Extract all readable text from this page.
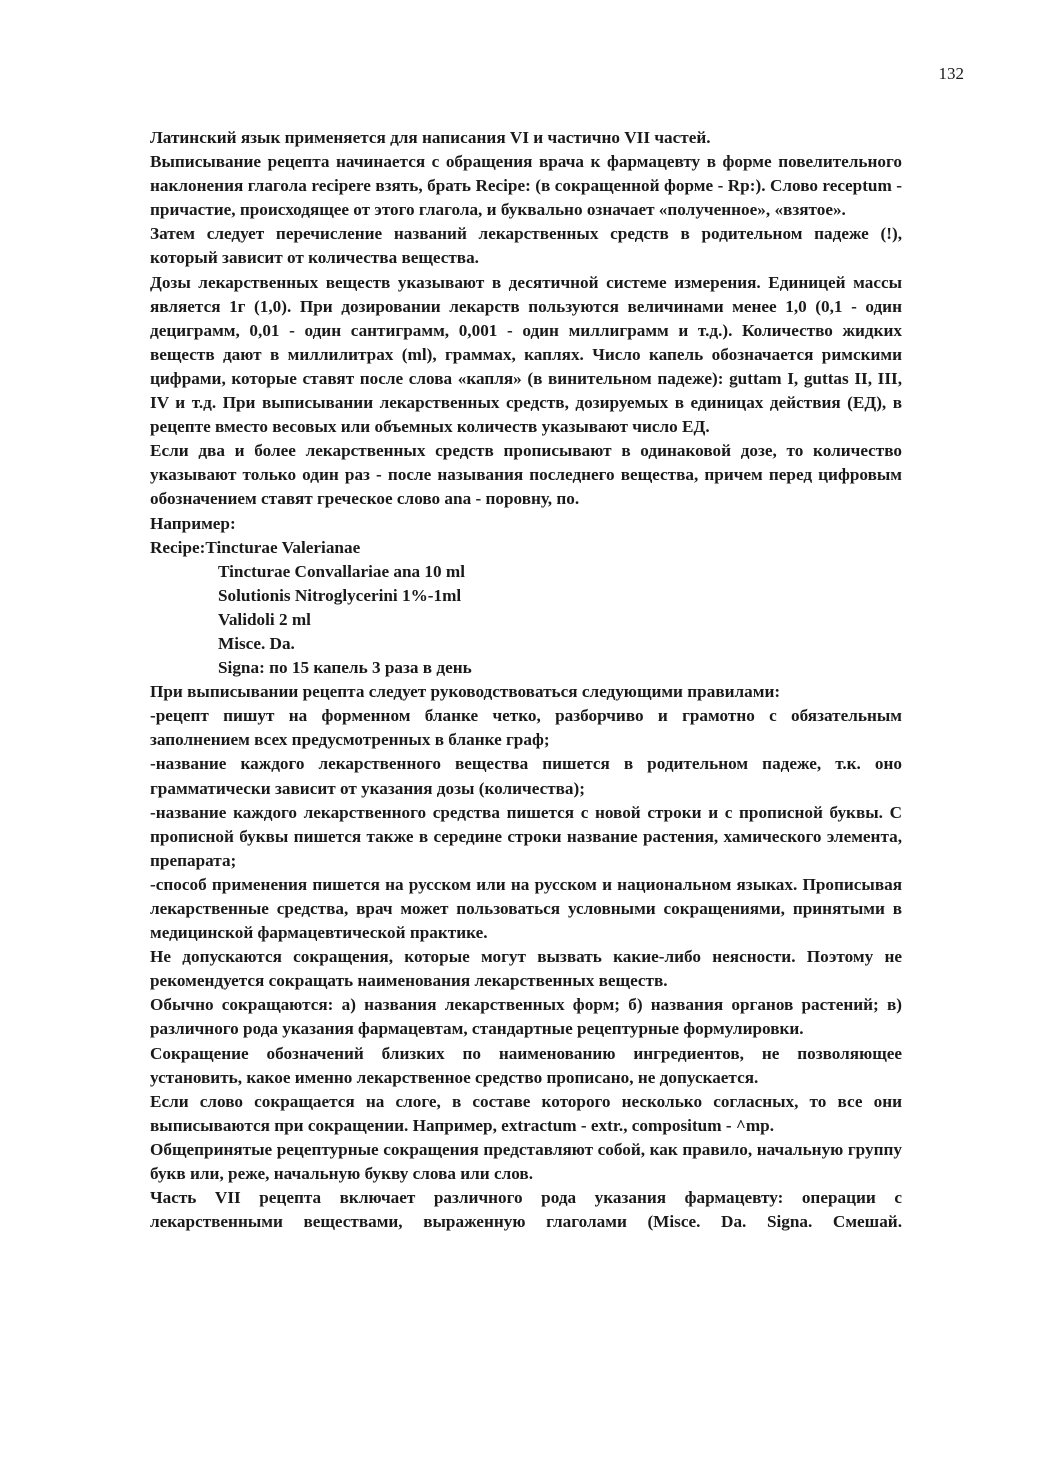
132

Латинский язык применяется для написания VI и частично VII частей.

Выписывание рецепта начинается с обращения врача к фармацевту в форме повелительного наклонения глагола recipere взять, брать Recipe: (в сокращенной форме - Rp:). Слово receptum - причастие, происходящее от этого глагола, и буквально означает «полученное», «взятое».

Затем следует перечисление названий лекарственных средств в родительном падеже (!), который зависит от количества вещества.

Дозы лекарственных веществ указывают в десятичной системе измерения. Единицей массы является 1г (1,0). При дозировании лекарств пользуются величинами менее 1,0 (0,1 - один дециграмм, 0,01 - один сантиграмм, 0,001 - один миллиграмм и т.д.). Количество жидких веществ дают в миллилитрах (ml), граммах, каплях. Число капель обозначается римскими цифрами, которые ставят после слова «капля» (в винительном падеже): guttam I, guttas II, III, IV и т.д. При выписывании лекарственных средств, дозируемых в единицах действия (ЕД), в рецепте вместо весовых или объемных количеств указывают число ЕД.

Если два и более лекарственных средств прописывают в одинаковой дозе, то количество указывают только один раз - после называния последнего вещества, причем перед цифровым обозначением ставят греческое слово ana - поровну, по.

Например:

Recipe:Tincturae Valerianae
Tincturae Convallariae ana 10 ml
Solutionis Nitroglycerini 1%-1ml
Validoli 2 ml
Misce. Da.
Signa: по 15 капель 3 раза в день

При выписывании рецепта следует руководствоваться следующими правилами:

-рецепт пишут на форменном бланке четко, разборчиво и грамотно с обязательным заполнением всех предусмотренных в бланке граф;

-название каждого лекарственного вещества пишется в родительном падеже, т.к. оно грамматически зависит от указания дозы (количества);

-название каждого лекарственного средства пишется с новой строки и с прописной буквы. С прописной буквы пишется также в середине строки название растения, хамического элемента, препарата;

-способ применения пишется на русском или на русском и национальном языках. Прописывая лекарственные средства, врач может пользоваться условными сокращениями, принятыми в медицинской фармацевтической практике.

Не допускаются сокращения, которые могут вызвать какие-либо неясности. Поэтому не рекомендуется сокращать наименования лекарственных веществ.

Обычно сокращаются: а) названия лекарственных форм; б) названия органов растений; в) различного рода указания фармацевтам, стандартные рецептурные формулировки.

Сокращение обозначений близких по наименованию ингредиентов, не позволяющее установить, какое именно лекарственное средство прописано, не допускается.

Если слово сокращается на слоге, в составе которого несколько согласных, то все они выписываются при сокращении. Например, extractum - extr., compositum - ^mp.

Общепринятые рецептурные сокращения представляют собой, как правило, начальную группу букв или, реже, начальную букву слова или слов.

Часть VII рецепта включает различного рода указания фармацевту: операции с лекарственными веществами, выраженную глаголами (Misce. Da. Signa. Смешай.
